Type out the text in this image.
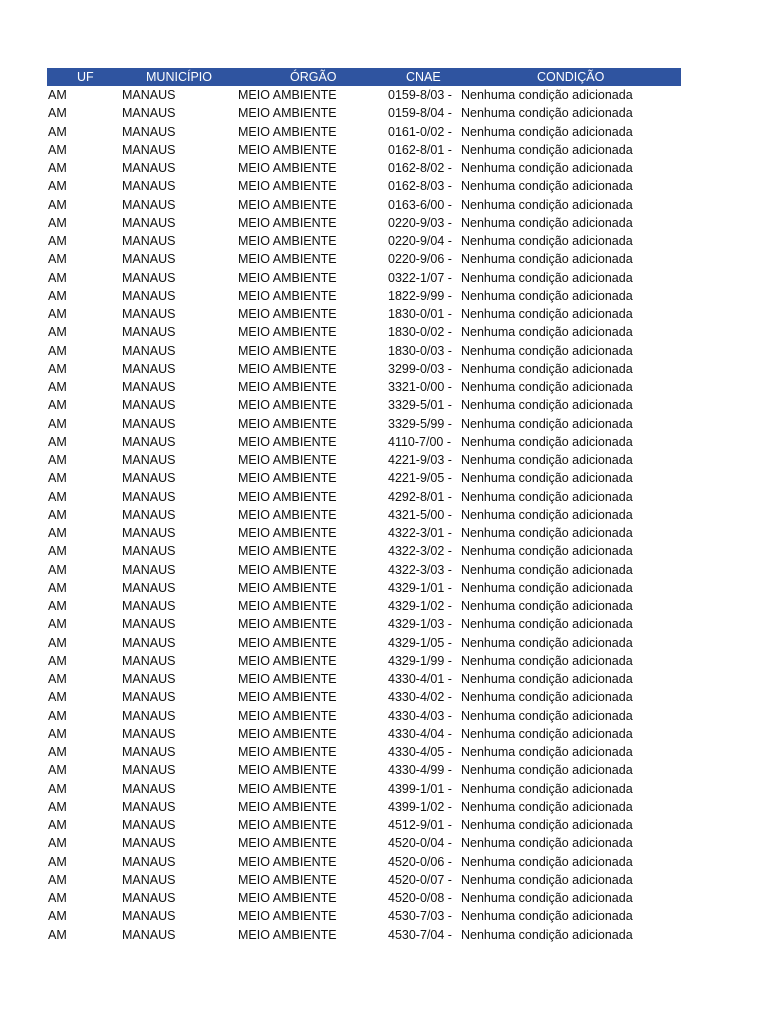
UF	MUNICÍPIO	ÓRGÃO	CNAE	CONDIÇÃO
AM	MANAUS	MEIO AMBIENTE	0159-8/03 - Nenhuma condição adicionada
AM	MANAUS	MEIO AMBIENTE	0159-8/04 - Nenhuma condição adicionada
AM	MANAUS	MEIO AMBIENTE	0161-0/02 - Nenhuma condição adicionada
AM	MANAUS	MEIO AMBIENTE	0162-8/01 - Nenhuma condição adicionada
AM	MANAUS	MEIO AMBIENTE	0162-8/02 - Nenhuma condição adicionada
AM	MANAUS	MEIO AMBIENTE	0162-8/03 - Nenhuma condição adicionada
AM	MANAUS	MEIO AMBIENTE	0163-6/00 - Nenhuma condição adicionada
AM	MANAUS	MEIO AMBIENTE	0220-9/03 - Nenhuma condição adicionada
AM	MANAUS	MEIO AMBIENTE	0220-9/04 - Nenhuma condição adicionada
AM	MANAUS	MEIO AMBIENTE	0220-9/06 - Nenhuma condição adicionada
AM	MANAUS	MEIO AMBIENTE	0322-1/07 - Nenhuma condição adicionada
AM	MANAUS	MEIO AMBIENTE	1822-9/99 - Nenhuma condição adicionada
AM	MANAUS	MEIO AMBIENTE	1830-0/01 - Nenhuma condição adicionada
AM	MANAUS	MEIO AMBIENTE	1830-0/02 - Nenhuma condição adicionada
AM	MANAUS	MEIO AMBIENTE	1830-0/03 - Nenhuma condição adicionada
AM	MANAUS	MEIO AMBIENTE	3299-0/03 - Nenhuma condição adicionada
AM	MANAUS	MEIO AMBIENTE	3321-0/00 - Nenhuma condição adicionada
AM	MANAUS	MEIO AMBIENTE	3329-5/01 - Nenhuma condição adicionada
AM	MANAUS	MEIO AMBIENTE	3329-5/99 - Nenhuma condição adicionada
AM	MANAUS	MEIO AMBIENTE	4110-7/00 - Nenhuma condição adicionada
AM	MANAUS	MEIO AMBIENTE	4221-9/03 - Nenhuma condição adicionada
AM	MANAUS	MEIO AMBIENTE	4221-9/05 - Nenhuma condição adicionada
AM	MANAUS	MEIO AMBIENTE	4292-8/01 - Nenhuma condição adicionada
AM	MANAUS	MEIO AMBIENTE	4321-5/00 - Nenhuma condição adicionada
AM	MANAUS	MEIO AMBIENTE	4322-3/01 - Nenhuma condição adicionada
AM	MANAUS	MEIO AMBIENTE	4322-3/02 - Nenhuma condição adicionada
AM	MANAUS	MEIO AMBIENTE	4322-3/03 - Nenhuma condição adicionada
AM	MANAUS	MEIO AMBIENTE	4329-1/01 - Nenhuma condição adicionada
AM	MANAUS	MEIO AMBIENTE	4329-1/02 - Nenhuma condição adicionada
AM	MANAUS	MEIO AMBIENTE	4329-1/03 - Nenhuma condição adicionada
AM	MANAUS	MEIO AMBIENTE	4329-1/05 - Nenhuma condição adicionada
AM	MANAUS	MEIO AMBIENTE	4329-1/99 - Nenhuma condição adicionada
AM	MANAUS	MEIO AMBIENTE	4330-4/01 - Nenhuma condição adicionada
AM	MANAUS	MEIO AMBIENTE	4330-4/02 - Nenhuma condição adicionada
AM	MANAUS	MEIO AMBIENTE	4330-4/03 - Nenhuma condição adicionada
AM	MANAUS	MEIO AMBIENTE	4330-4/04 - Nenhuma condição adicionada
AM	MANAUS	MEIO AMBIENTE	4330-4/05 - Nenhuma condição adicionada
AM	MANAUS	MEIO AMBIENTE	4330-4/99 - Nenhuma condição adicionada
AM	MANAUS	MEIO AMBIENTE	4399-1/01 - Nenhuma condição adicionada
AM	MANAUS	MEIO AMBIENTE	4399-1/02 - Nenhuma condição adicionada
AM	MANAUS	MEIO AMBIENTE	4512-9/01 - Nenhuma condição adicionada
AM	MANAUS	MEIO AMBIENTE	4520-0/04 - Nenhuma condição adicionada
AM	MANAUS	MEIO AMBIENTE	4520-0/06 - Nenhuma condição adicionada
AM	MANAUS	MEIO AMBIENTE	4520-0/07 - Nenhuma condição adicionada
AM	MANAUS	MEIO AMBIENTE	4520-0/08 - Nenhuma condição adicionada
AM	MANAUS	MEIO AMBIENTE	4530-7/03 - Nenhuma condição adicionada
AM	MANAUS	MEIO AMBIENTE	4530-7/04 - Nenhuma condição adicionada
